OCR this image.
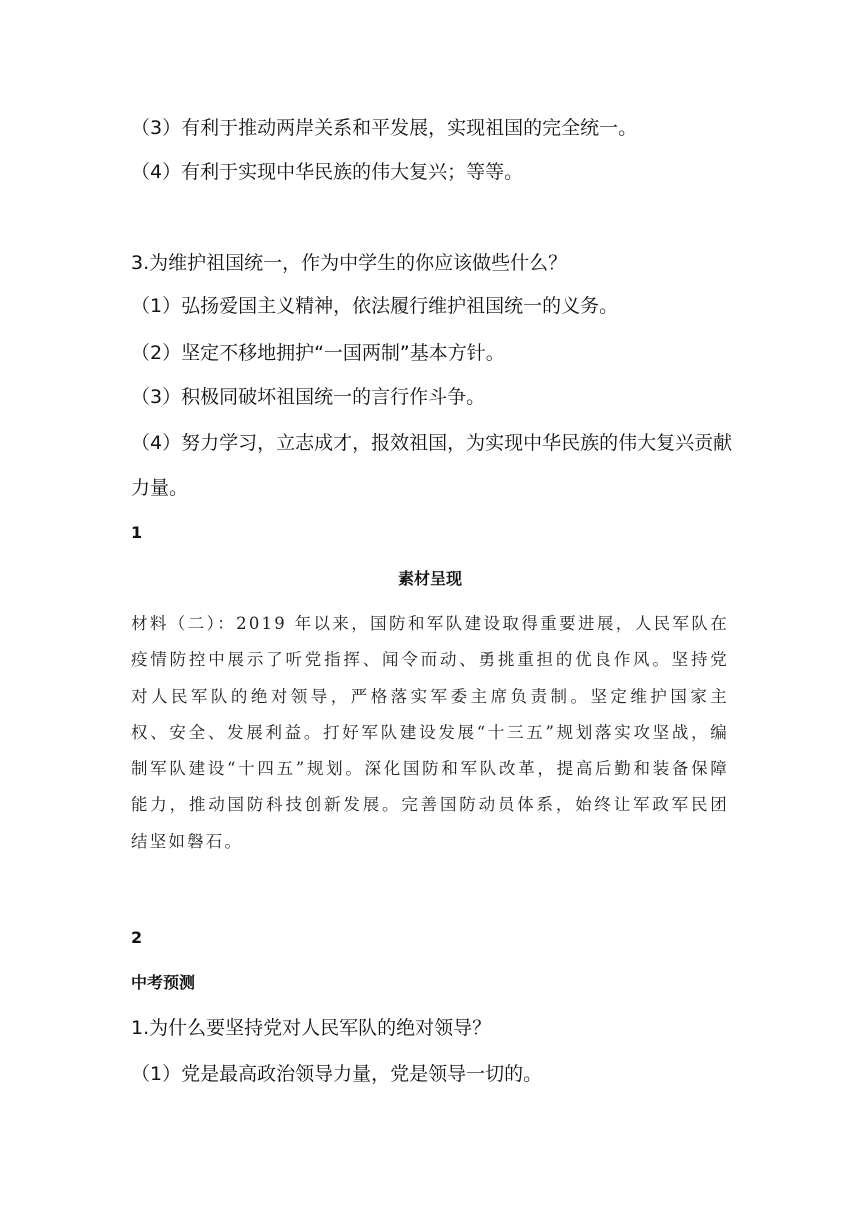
（3）有利于推动两岸关系和平发展，实现祖国的完全统一。
（4）有利于实现中华民族的伟大复兴；等等。
3.为维护祖国统一，作为中学生的你应该做些什么？
（1）弘扬爱国主义精神，依法履行维护祖国统一的义务。
（2）坚定不移地拥护“一国两制”基本方针。
（3）积极同破坏祖国统一的言行作斗争。
（4）努力学习，立志成才，报效祖国，为实现中华民族的伟大复兴贡献
力量。
1
素材呈现
材料（二）：2019 年以来，国防和军队建设取得重要进展，人民军队在疫情防控中展示了听党指挥、闻令而动、勇挑重担的优良作风。坚持党对人民军队的绝对领导，严格落实军委主席负责制。坚定维护国家主权、安全、发展利益。打好军队建设发展“十三五”规划落实攻坚战，编制军队建设“十四五”规划。深化国防和军队改革，提高后勤和装备保障能力，推动国防科技创新发展。完善国防动员体系，始终让军政军民团结坚如磐石。
2
中考预测
1.为什么要坚持党对人民军队的绝对领导？
（1）党是最高政治领导力量，党是领导一切的。
